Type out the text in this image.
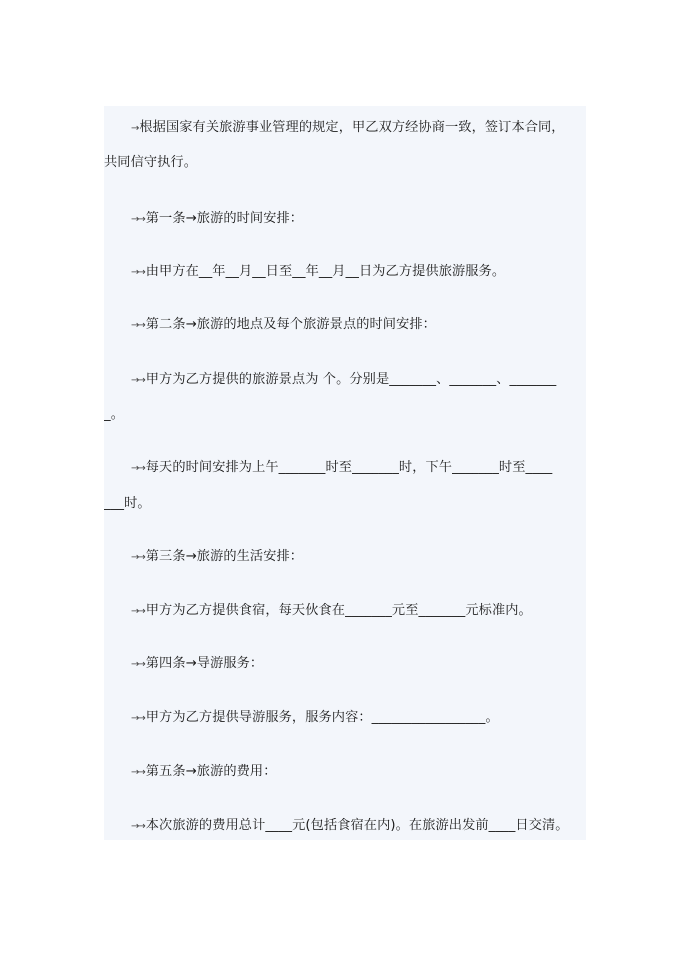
→ 根据国家有关旅游事业管理的规定，甲乙双方经协商一致，签订本合同，
共同信守执行。
→→ 第一条→旅游的时间安排：
→→ 由甲方在__年__月__日至__年__月__日为乙方提供旅游服务。
→→ 第二条→旅游的地点及每个旅游景点的时间安排：
→→ 甲方为乙方提供的旅游景点为 个。分别是_______、_______、_______
_。
→→ 每天的时间安排为上午_______时至_______时，下午_______时至____
___时。
→→ 第三条→旅游的生活安排：
→→ 甲方为乙方提供食宿，每天伙食在_______元至_______元标准内。
→→ 第四条→导游服务：
→→ 甲方为乙方提供导游服务，服务内容：_________________。
→→ 第五条→旅游的费用：
→→ 本次旅游的费用总计____元(包括食宿在内)。在旅游出发前____日交清。
